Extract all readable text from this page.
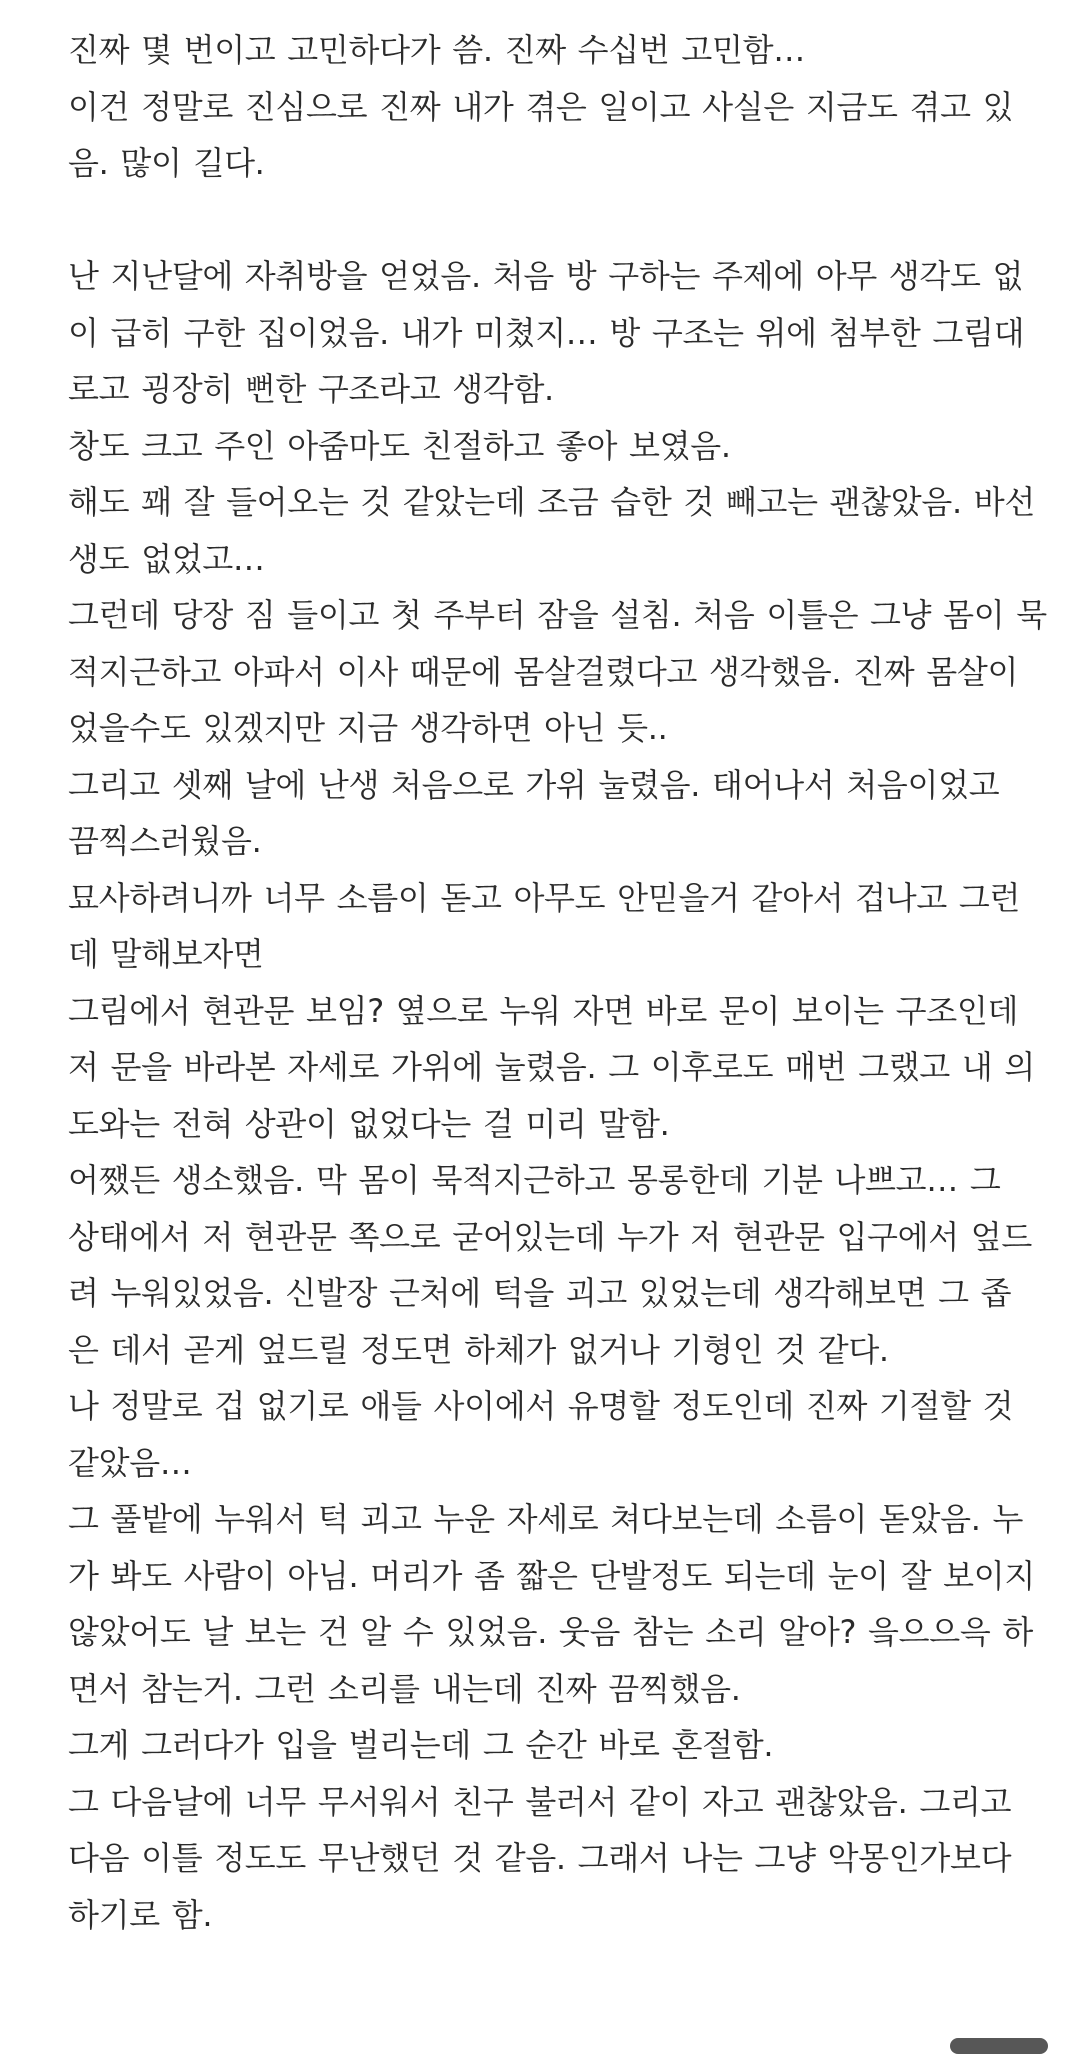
진짜 몇 번이고 고민하다가 씀. 진짜 수십번 고민함…
이건 정말로 진심으로 진짜 내가 겪은 일이고 사실은 지금도 겪고 있
음. 많이 길다.
난 지난달에 자취방을 얻었음. 처음 방 구하는 주제에 아무 생각도 없
이 급히 구한 집이었음. 내가 미쳤지… 방 구조는 위에 첨부한 그림대
로고 굉장히 뻔한 구조라고 생각함.
창도 크고 주인 아줌마도 친절하고 좋아 보였음.
해도 꽤 잘 들어오는 것 같았는데 조금 습한 것 빼고는 괜찮았음. 바선
생도 없었고…
그런데 당장 짐 들이고 첫 주부터 잠을 설침. 처음 이틀은 그냥 몸이 묵
적지근하고 아파서 이사 때문에 몸살걸렸다고 생각했음. 진짜 몸살이
었을수도 있겠지만 지금 생각하면 아닌 듯..
그리고 셋째 날에 난생 처음으로 가위 눌렸음. 태어나서 처음이었고
끔찍스러웠음.
묘사하려니까 너무 소름이 돋고 아무도 안믿을거 같아서 겁나고 그런
데 말해보자면
그림에서 현관문 보임? 옆으로 누워 자면 바로 문이 보이는 구조인데
저 문을 바라본 자세로 가위에 눌렸음. 그 이후로도 매번 그랬고 내 의
도와는 전혀 상관이 없었다는 걸 미리 말함.
어쨌든 생소했음. 막 몸이 묵적지근하고 몽롱한데 기분 나쁘고… 그
상태에서 저 현관문 쪽으로 굳어있는데 누가 저 현관문 입구에서 엎드
려 누워있었음. 신발장 근처에 턱을 괴고 있었는데 생각해보면 그 좁
은 데서 곧게 엎드릴 정도면 하체가 없거나 기형인 것 같다.
나 정말로 겁 없기로 애들 사이에서 유명할 정도인데 진짜 기절할 것
같았음…
그 풀밭에 누워서 턱 괴고 누운 자세로 쳐다보는데 소름이 돋았음. 누
가 봐도 사람이 아님. 머리가 좀 짧은 단발정도 되는데 눈이 잘 보이지
않았어도 날 보는 건 알 수 있었음. 웃음 참는 소리 알아? 읔으으윽 하
면서 참는거. 그런 소리를 내는데 진짜 끔찍했음.
그게 그러다가 입을 벌리는데 그 순간 바로 혼절함.
그 다음날에 너무 무서워서 친구 불러서 같이 자고 괜찮았음. 그리고
다음 이틀 정도도 무난했던 것 같음. 그래서 나는 그냥 악몽인가보다
하기로 함.
